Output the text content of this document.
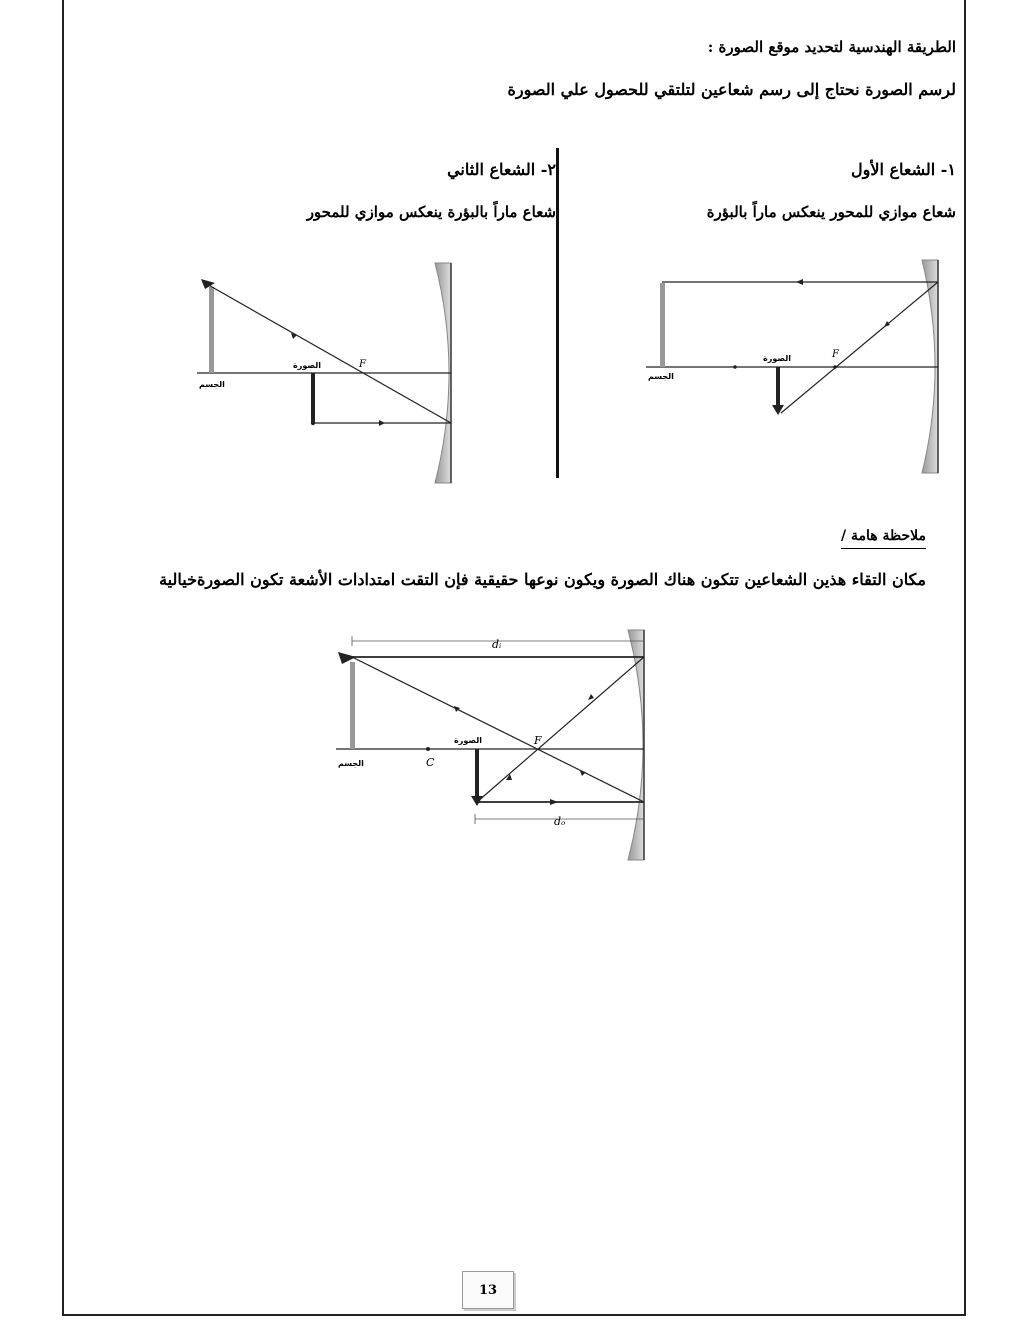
الطريقة الهندسية لتحديد موقع الصورة :
لرسم الصورة نحتاج إلى رسم شعاعين لتلتقي للحصول علي الصورة
١- الشعاع الأول
شعاع موازي للمحور ينعكس ماراً بالبؤرة
٢- الشعاع الثاني
شعاع ماراً بالبؤرة ينعكس موازي للمحور
F
الصورة
الجسم
F
الصورة
الجسم
ملاحظة هامة /
مكان التقاء هذين الشعاعين تتكون هناك الصورة ويكون نوعها حقيقية فإن التقت امتدادات الأشعة تكون الصورةخيالية
dᵢ
C
F
الصورة
الجسم
dₒ
13
